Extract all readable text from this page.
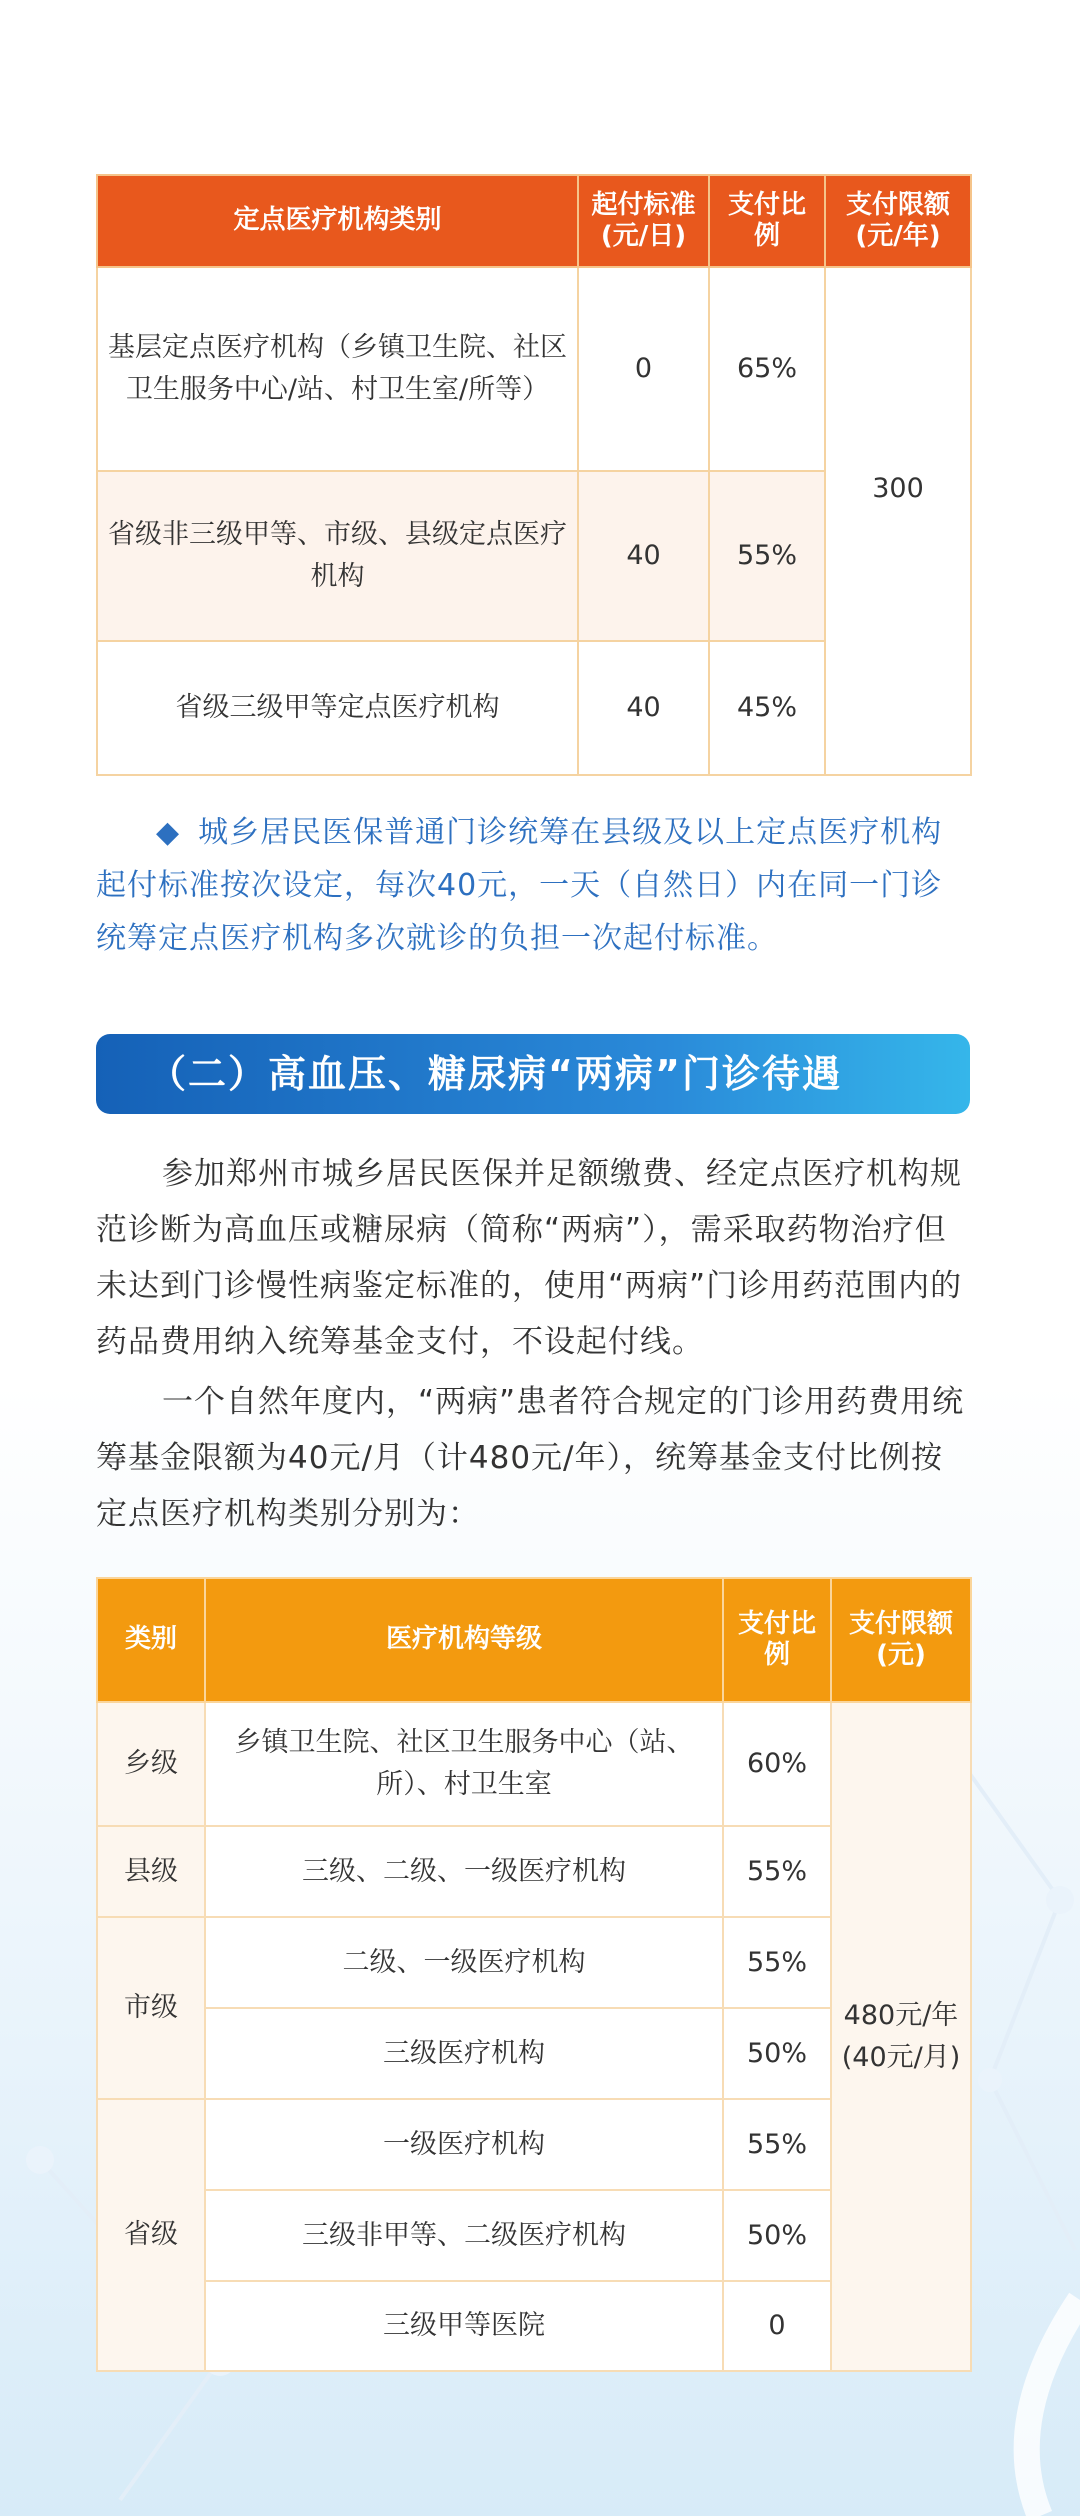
定点医疗机构类别	起付标准(元/日)	支付比例	支付限额(元/年)
基层定点医疗机构（乡镇卫生院、社区卫生服务中心/站、村卫生室/所等）	0	65%	300
省级非三级甲等、市级、县级定点医疗机构	40	55%	
省级三级甲等定点医疗机构	40	45%	

◆ 城乡居民医保普通门诊统筹在县级及以上定点医疗机构起付标准按次设定，每次40元，一天（自然日）内在同一门诊统筹定点医疗机构多次就诊的负担一次起付标准。

（二）高血压、糖尿病“两病”门诊待遇

参加郑州市城乡居民医保并足额缴费、经定点医疗机构规范诊断为高血压或糖尿病（简称“两病”），需采取药物治疗但未达到门诊慢性病鉴定标准的，使用“两病”门诊用药范围内的药品费用纳入统筹基金支付，不设起付线。

一个自然年度内，“两病”患者符合规定的门诊用药费用统筹基金限额为40元/月（计480元/年），统筹基金支付比例按定点医疗机构类别分别为：

类别	医疗机构等级	支付比例	支付限额(元)
乡级	乡镇卫生院、社区卫生服务中心（站、所）、村卫生室	60%	480元/年
(40元/月)

县级	三级、二级、一级医疗机构	55%	
市级	二级、一级医疗机构	55%	
	三级医疗机构	50%	
省级	一级医疗机构	55%	
	三级非甲等、二级医疗机构	50%	
	三级甲等医院	0	
